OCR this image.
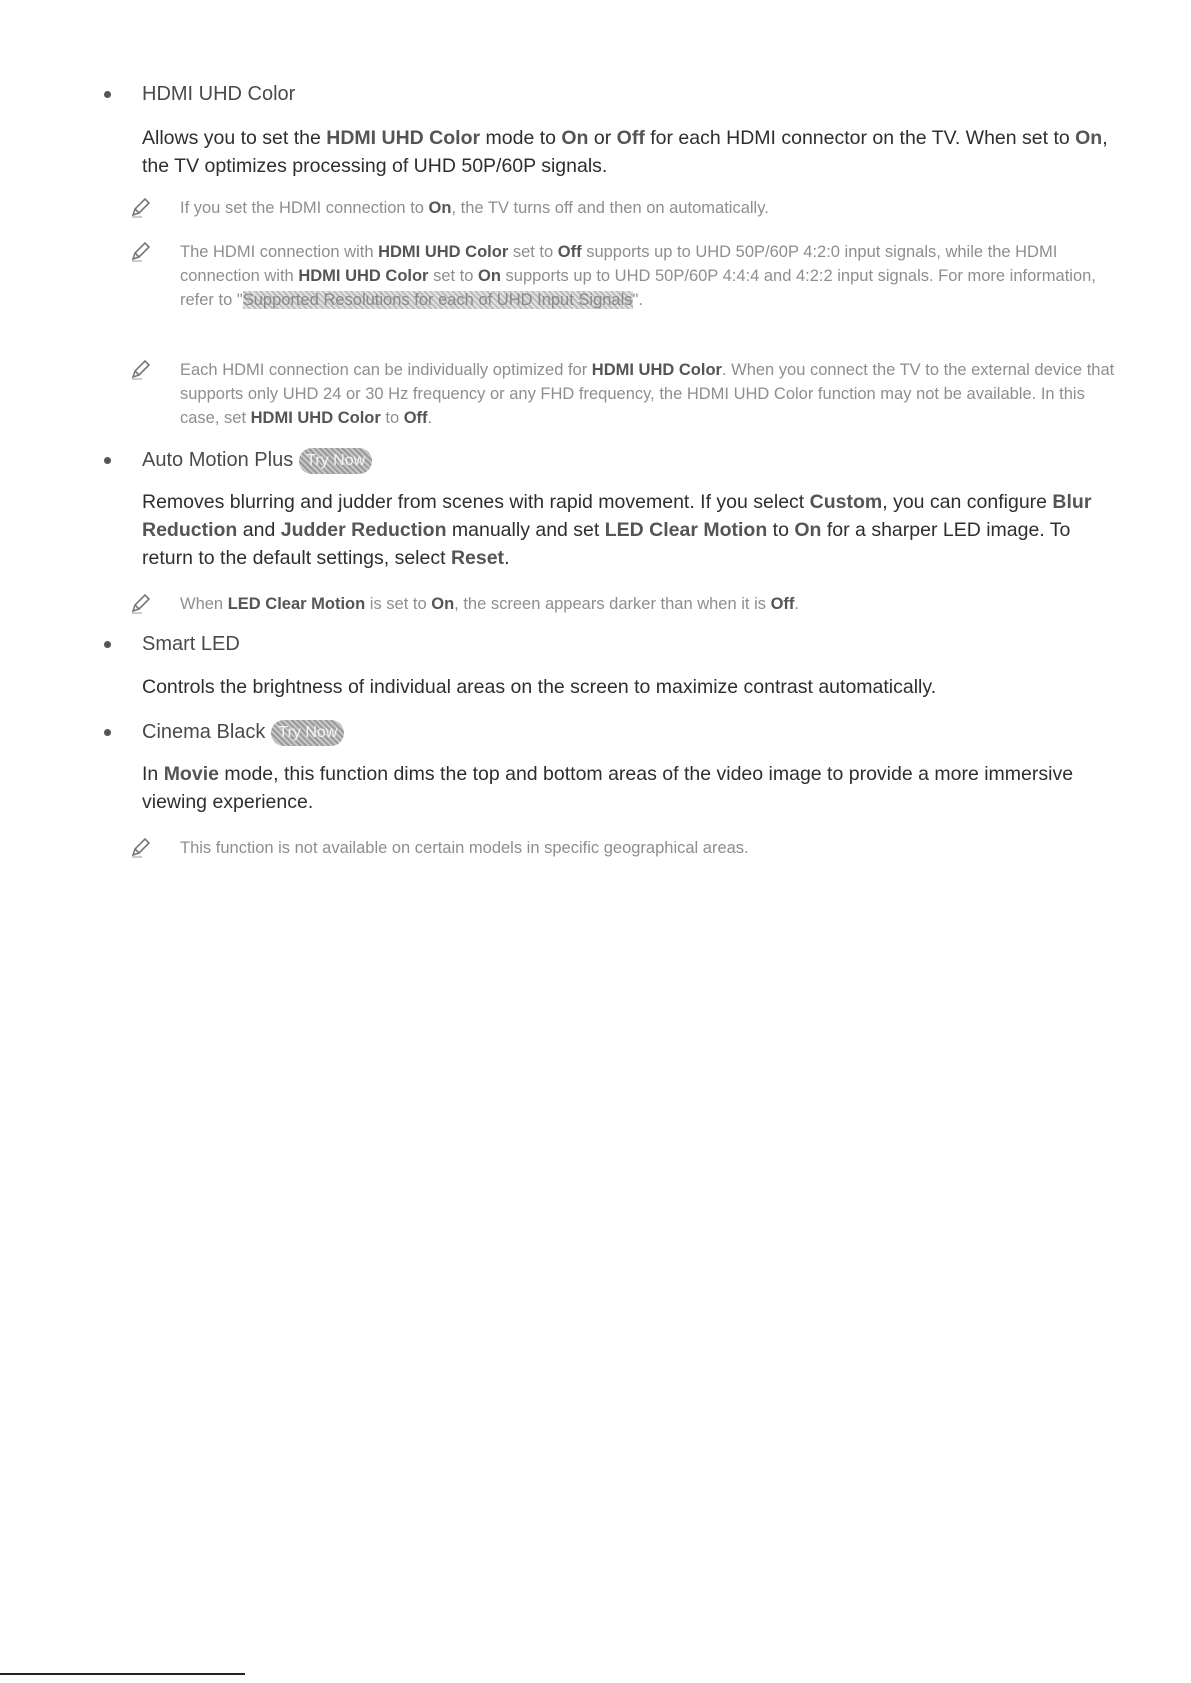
HDMI UHD Color
Allows you to set the HDMI UHD Color mode to On or Off for each HDMI connector on the TV. When set to On, the TV optimizes processing of UHD 50P/60P signals.
If you set the HDMI connection to On, the TV turns off and then on automatically.
The HDMI connection with HDMI UHD Color set to Off supports up to UHD 50P/60P 4:2:0 input signals, while the HDMI connection with HDMI UHD Color set to On supports up to UHD 50P/60P 4:4:4 and 4:2:2 input signals. For more information, refer to "Supported Resolutions for each of UHD Input Signals".
Each HDMI connection can be individually optimized for HDMI UHD Color. When you connect the TV to the external device that supports only UHD 24 or 30 Hz frequency or any FHD frequency, the HDMI UHD Color function may not be available. In this case, set HDMI UHD Color to Off.
Auto Motion Plus Try Now
Removes blurring and judder from scenes with rapid movement. If you select Custom, you can configure Blur Reduction and Judder Reduction manually and set LED Clear Motion to On for a sharper LED image. To return to the default settings, select Reset.
When LED Clear Motion is set to On, the screen appears darker than when it is Off.
Smart LED
Controls the brightness of individual areas on the screen to maximize contrast automatically.
Cinema Black Try Now
In Movie mode, this function dims the top and bottom areas of the video image to provide a more immersive viewing experience.
This function is not available on certain models in specific geographical areas.
